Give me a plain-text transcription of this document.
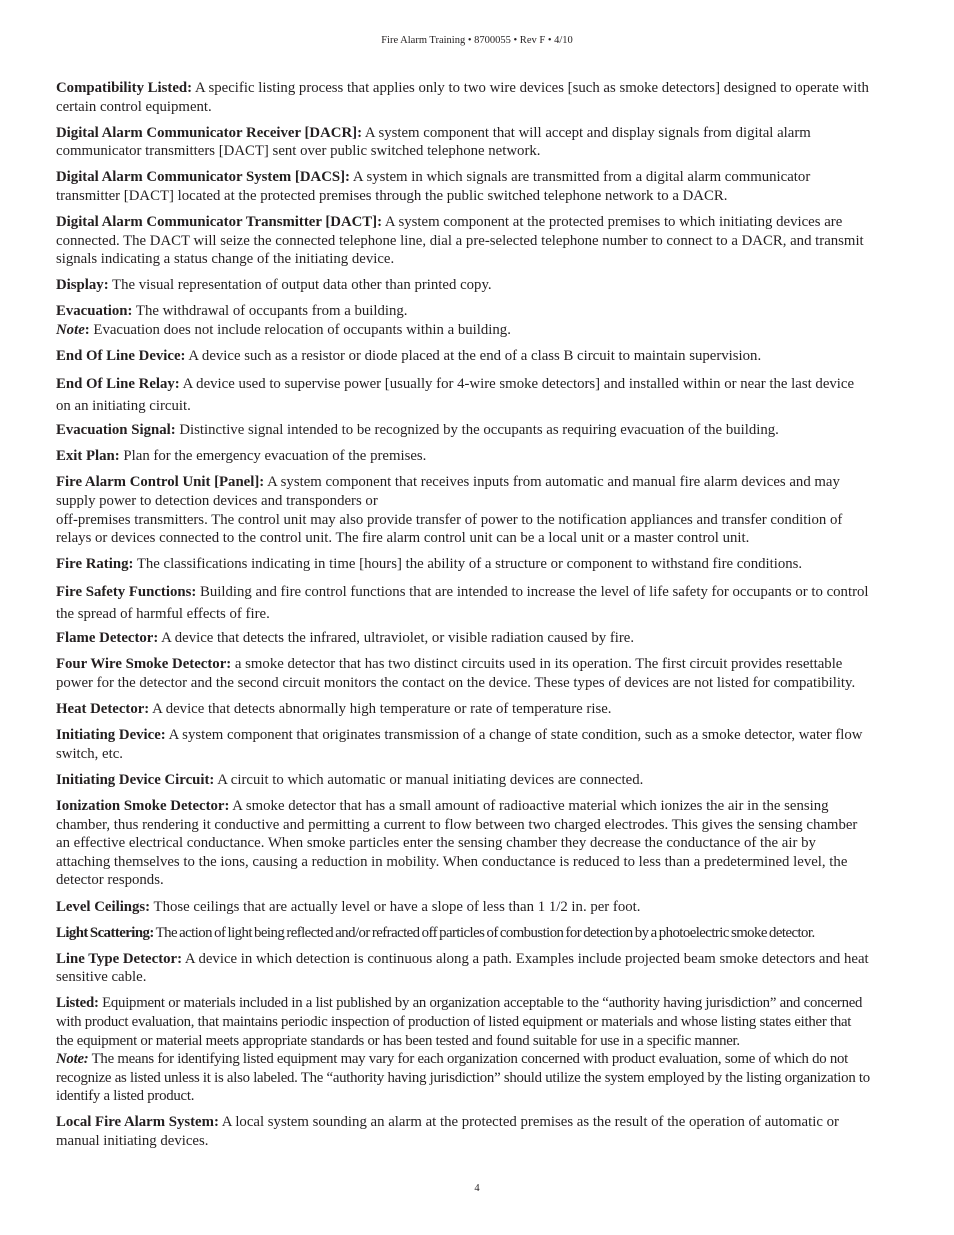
Fire Alarm Training • 8700055 • Rev F • 4/10

Compatibility Listed: A specific listing process that applies only to two wire devices [such as smoke detectors] designed to operate with certain control equipment.

Digital Alarm Communicator Receiver [DACR]: A system component that will accept and display signals from digital alarm communicator transmitters [DACT] sent over public switched telephone network.

Digital Alarm Communicator System [DACS]: A system in which signals are transmitted from a digital alarm communicator transmitter [DACT] located at the protected premises through the public switched telephone network to a DACR.

Digital Alarm Communicator Transmitter [DACT]: A system component at the protected premises to which initiating devices are connected. The DACT will seize the connected telephone line, dial a pre-selected telephone number to connect to a DACR, and transmit signals indicating a status change of the initiating device.

Display: The visual representation of output data other than printed copy.

Evacuation: The withdrawal of occupants from a building.
Note: Evacuation does not include relocation of occupants within a building.

End Of Line Device: A device such as a resistor or diode placed at the end of a class B circuit to maintain supervision.

End Of Line Relay: A device used to supervise power [usually for 4-wire smoke detectors] and installed within or near the last device on an initiating circuit.

Evacuation Signal: Distinctive signal intended to be recognized by the occupants as requiring evacuation of the building.

Exit Plan: Plan for the emergency evacuation of the premises.

Fire Alarm Control Unit [Panel]: A system component that receives inputs from automatic and manual fire alarm devices and may supply power to detection devices and transponders or
off-premises transmitters. The control unit may also provide transfer of power to the notification appliances and transfer condition of relays or devices connected to the control unit. The fire alarm control unit can be a local unit or a master control unit.

Fire Rating: The classifications indicating in time [hours] the ability of a structure or component to withstand fire conditions.

Fire Safety Functions: Building and fire control functions that are intended to increase the level of life safety for occupants or to control the spread of harmful effects of fire.

Flame Detector: A device that detects the infrared, ultraviolet, or visible radiation caused by fire.

Four Wire Smoke Detector: a smoke detector that has two distinct circuits used in its operation. The first circuit provides resettable power for the detector and the second circuit monitors the contact on the device. These types of devices are not listed for compatibility.

Heat Detector: A device that detects abnormally high temperature or rate of temperature rise.

Initiating Device: A system component that originates transmission of a change of state condition, such as a smoke detector, water flow switch, etc.

Initiating Device Circuit: A circuit to which automatic or manual initiating devices are connected.

Ionization Smoke Detector: A smoke detector that has a small amount of radioactive material which ionizes the air in the sensing chamber, thus rendering it conductive and permitting a current to flow between two charged electrodes. This gives the sensing chamber an effective electrical conductance. When smoke particles enter the sensing chamber they decrease the conductance of the air by attaching themselves to the ions, causing a reduction in mobility. When conductance is reduced to less than a predetermined level, the detector responds.

Level Ceilings: Those ceilings that are actually level or have a slope of less than 1 1/2 in. per foot.

Light Scattering: The action of light being reflected and/or refracted off particles of combustion for detection by a photoelectric smoke detector.

Line Type Detector: A device in which detection is continuous along a path. Examples include projected beam smoke detectors and heat sensitive cable.

Listed: Equipment or materials included in a list published by an organization acceptable to the “authority having jurisdiction” and concerned with product evaluation, that maintains periodic inspection of production of listed equipment or materials and whose listing states either that the equipment or material meets appropriate standards or has been tested and found suitable for use in a specific manner.
Note: The means for identifying listed equipment may vary for each organization concerned with product evaluation, some of which do not recognize as listed unless it is also labeled. The “authority having jurisdiction” should utilize the system employed by the listing organization to identify a listed product.

Local Fire Alarm System: A local system sounding an alarm at the protected premises as the result of the operation of automatic or manual initiating devices.

4
